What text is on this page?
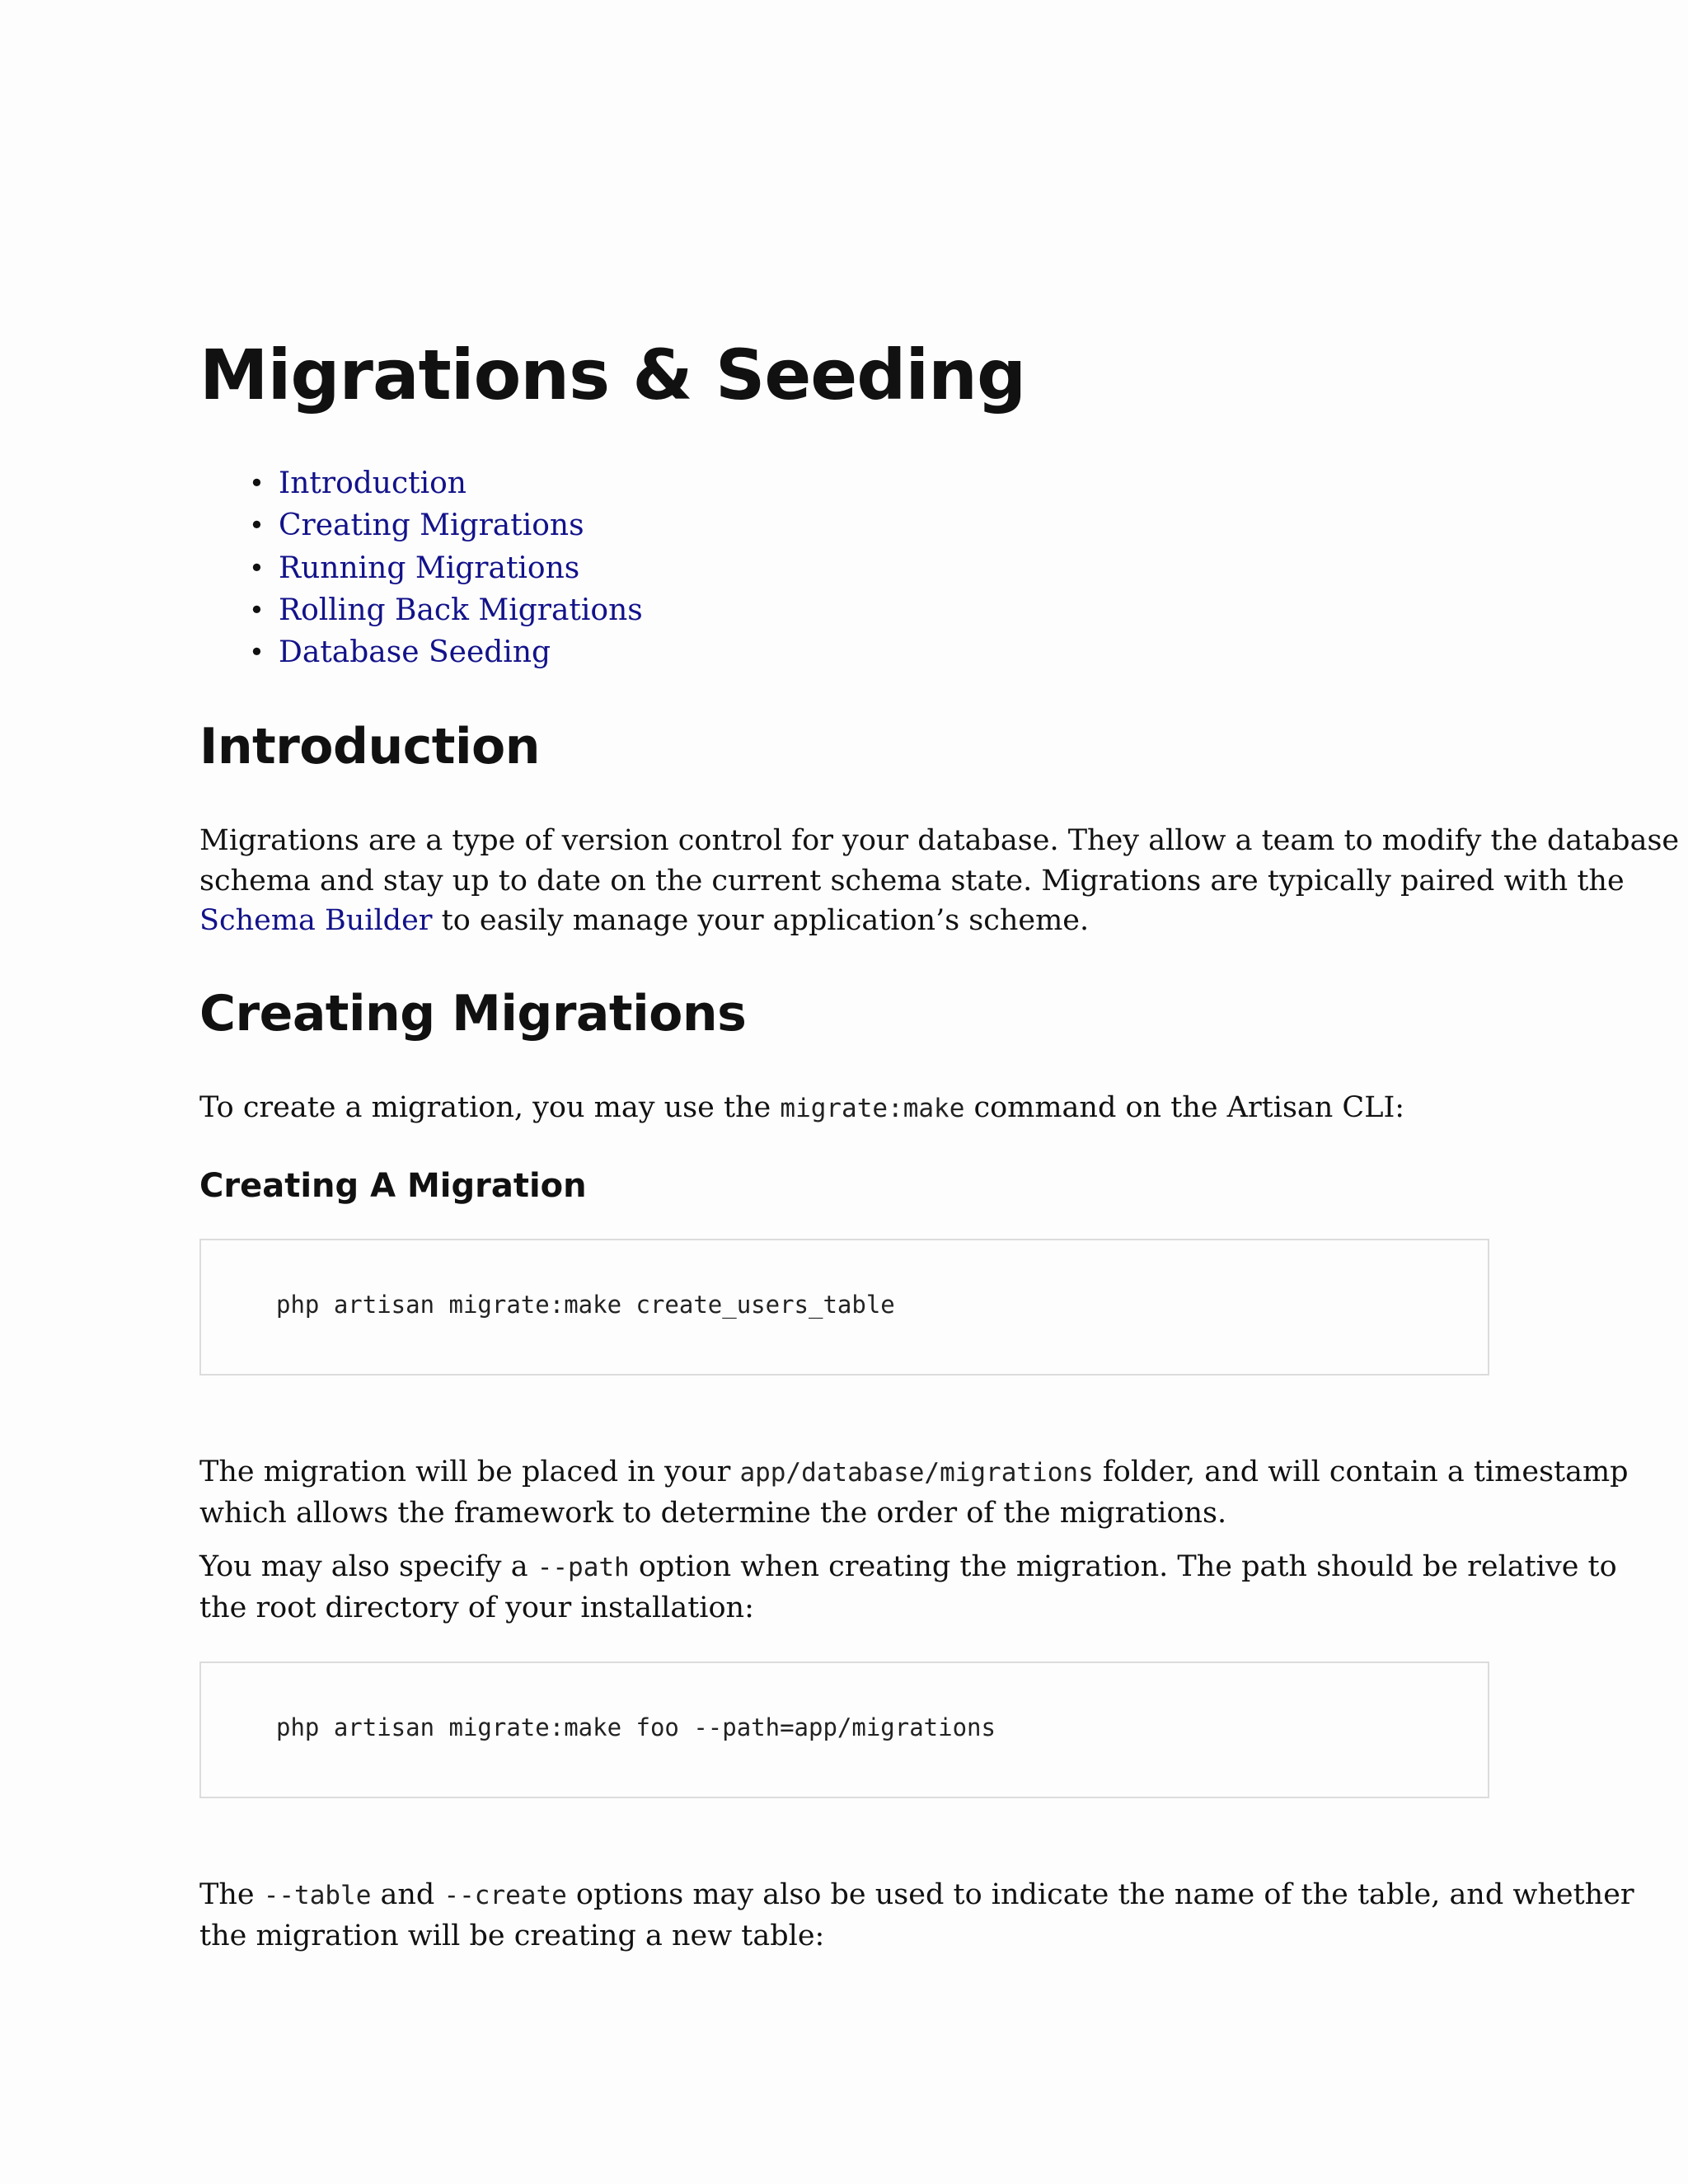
Migrations & Seeding
• Introduction
• Creating Migrations
• Running Migrations
• Rolling Back Migrations
• Database Seeding
Introduction

Migrations are a type of version control for your database. They allow a team to modify the database
schema and stay up to date on the current schema state. Migrations are typically paired with the
Schema Builder to easily manage your application’s scheme.

Creating Migrations

To create a migration, you may use the migrate:make command on the Artisan CLI:

Creating A Migration
php artisan migrate:make create_users_table

The migration will be placed in your app/database/migrations folder, and will contain a timestamp
which allows the framework to determine the order of the migrations.

You may also specify a --path option when creating the migration. The path should be relative to
the root directory of your installation:

php artisan migrate:make foo --path=app/migrations

The --table and --create options may also be used to indicate the name of the table, and whether
the migration will be creating a new table:
